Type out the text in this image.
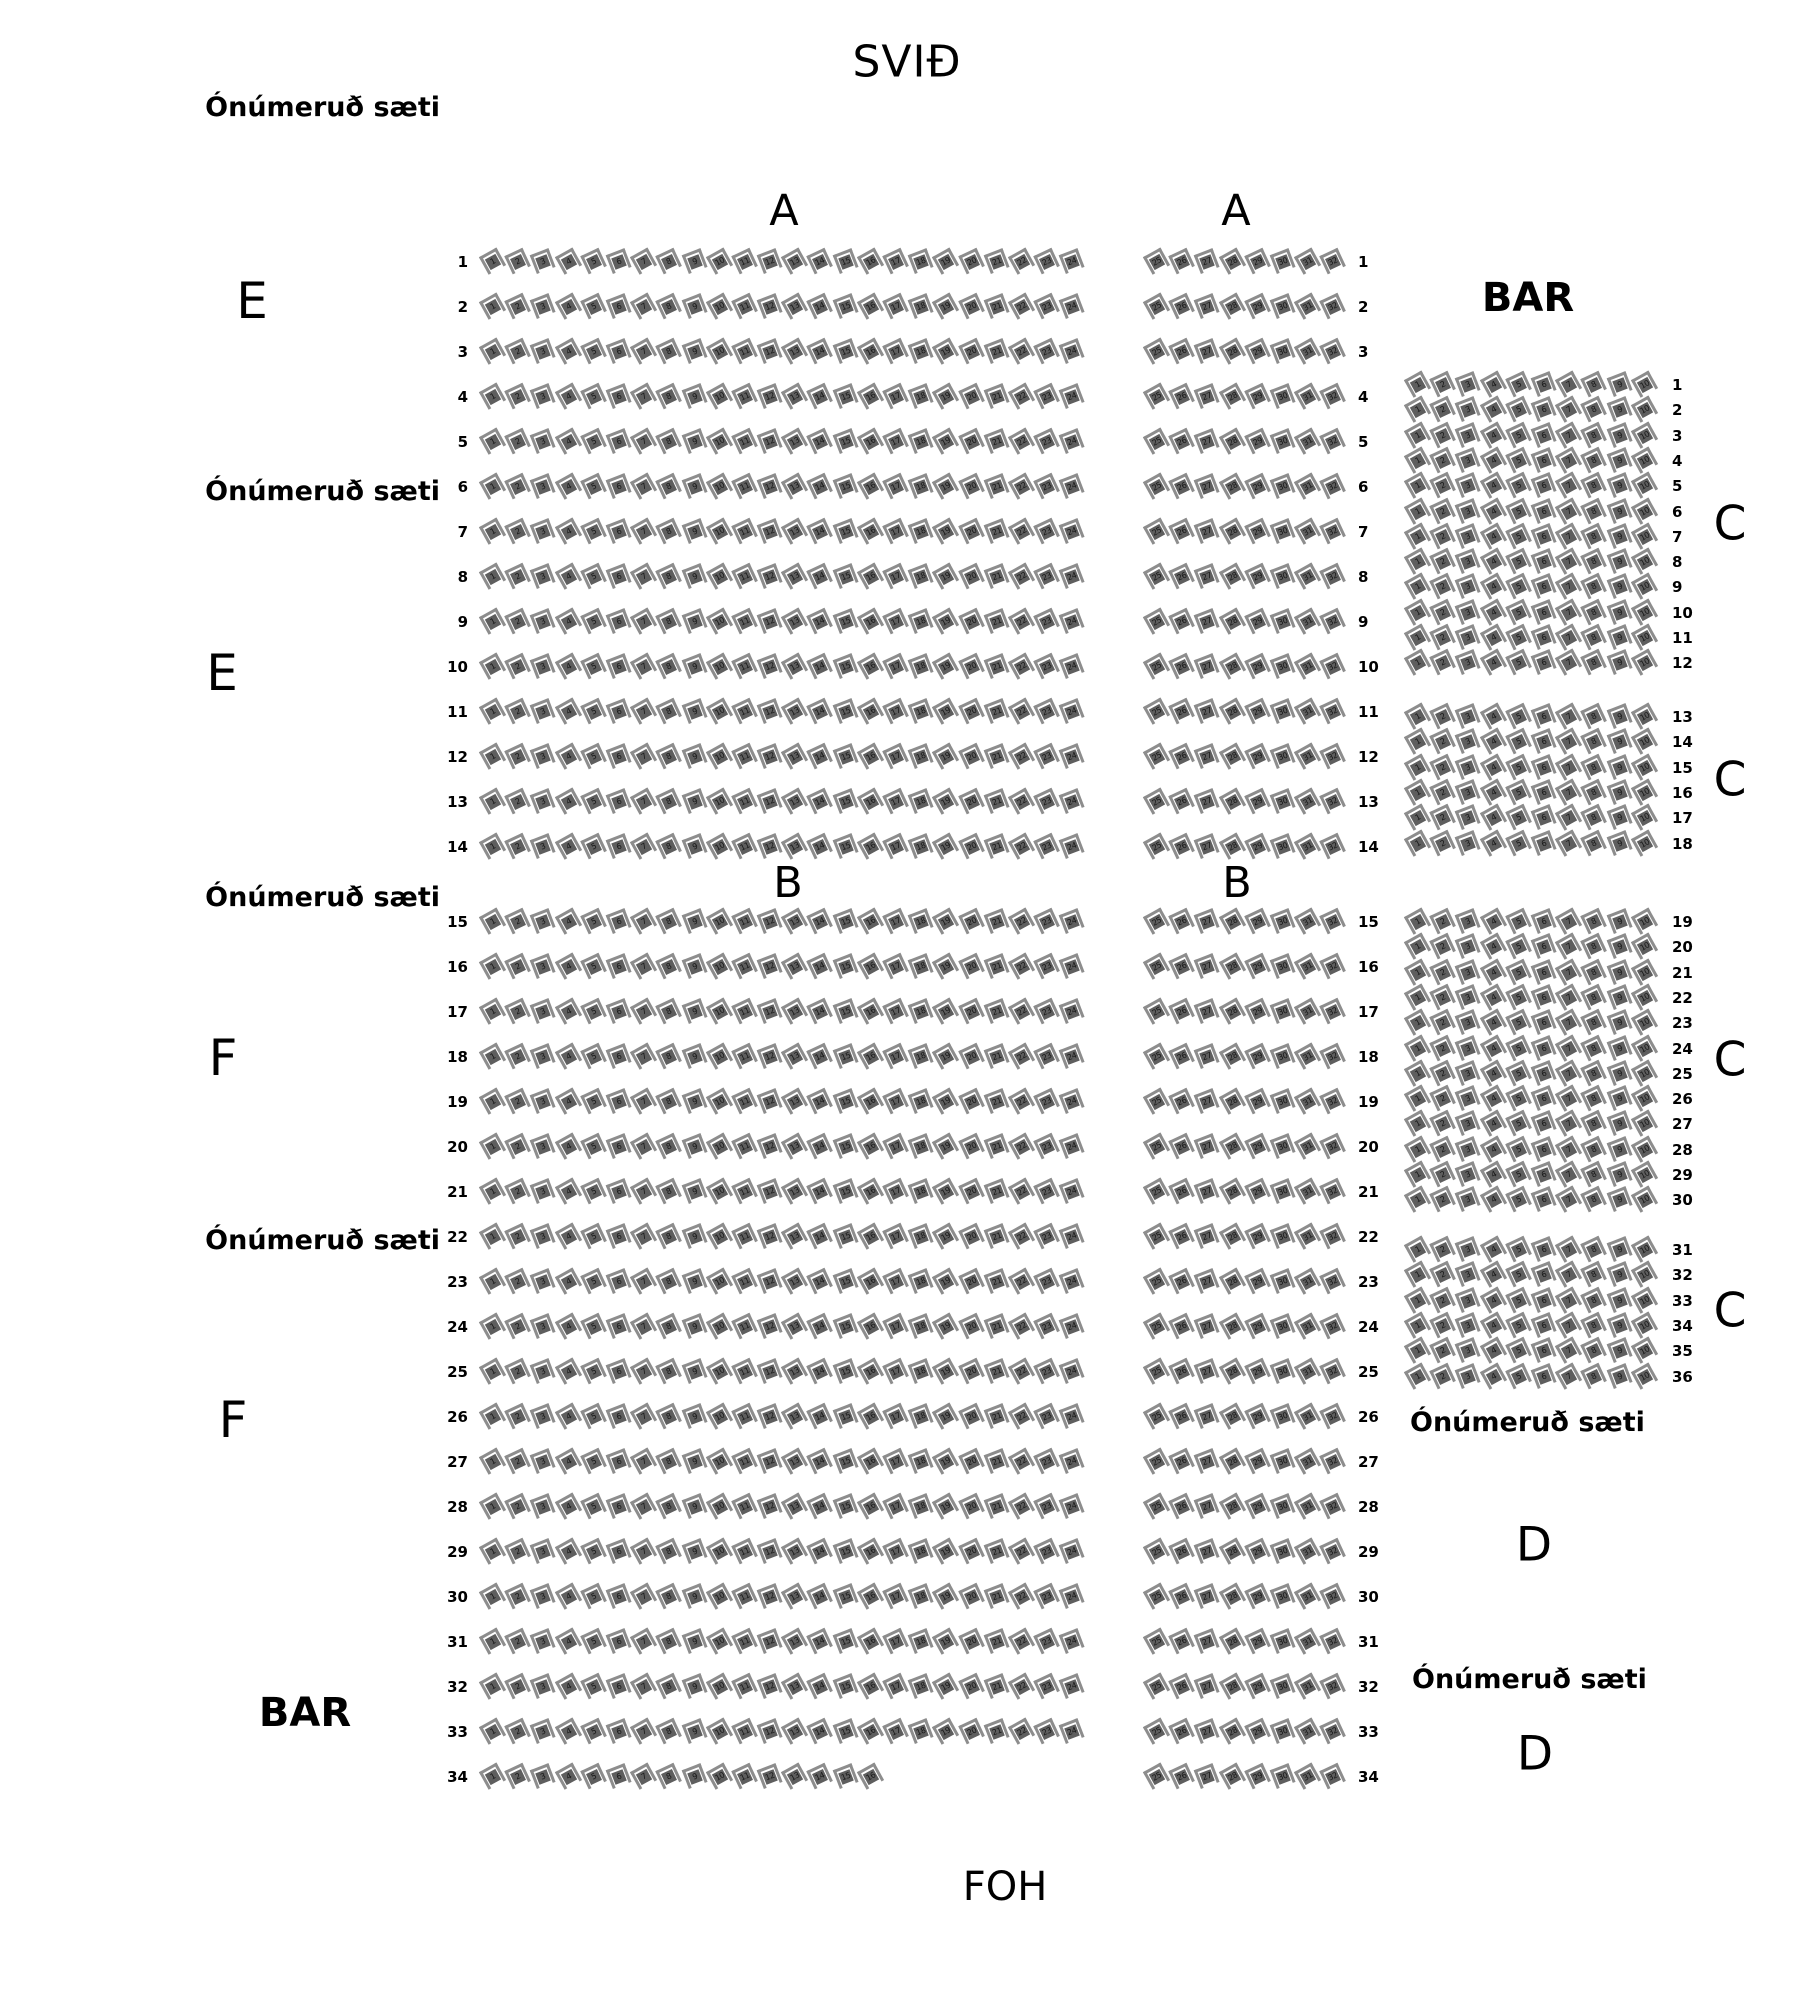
SVIÐ
FOH
A	A
B	B
C
C
C
C
D
D
E
E
F
F
BAR
BAR
Ónúmeruð sæti
Ónúmeruð sæti
Ónúmeruð sæti
Ónúmeruð sæti
Ónúmeruð sæti
Ónúmeruð sæti
1	1	2	3	4	5	6	7	8	9	10 11 12 13 14 15 16 17 18 19 20 21 22 23 24	25 26 27 28 29 30 31 32 1
2	1	2	3	4	5	6	7	8	9	10 11 12 13 14 15 16 17 18 19 20 21 22 23 24	25 26 27 28 29 30 31 32 2
3	1	2	3	4	5	6	7	8	9	10 11 12 13 14 15 16 17 18 19 20 21 22 23 24	25 26 27 28 29 30 31 32 3
4	1	2	3	4	5	6	7	8	9	10 11 12 13 14 15 16 17 18 19 20 21 22 23 24	25 26 27 28 29 30 31 32 4
5	1	2	3	4	5	6	7	8	9	10 11 12 13 14 15 16 17 18 19 20 21 22 23 24	25 26 27 28 29 30 31 32 5
6	1	2	3	4	5	6	7	8	9	10 11 12 13 14 15 16 17 18 19 20 21 22 23 24	25 26 27 28 29 30 31 32 6
7	1	2	3	4	5	6	7	8	9	10 11 12 13 14 15 16 17 18 19 20 21 22 23 24	25 26 27 28 29 30 31 32 7
8	1	2	3	4	5	6	7	8	9	10 11 12 13 14 15 16 17 18 19 20 21 22 23 24	25 26 27 28 29 30 31 32 8
9	1	2	3	4	5	6	7	8	9	10 11 12 13 14 15 16 17 18 19 20 21 22 23 24	25 26 27 28 29 30 31 32 9
10	1	2	3	4	5	6	7	8	9	10 11 12 13 14 15 16 17 18 19 20 21 22 23 24	25 26 27 28 29 30 31 32 10
11	1	2	3	4	5	6	7	8	9	10 11 12 13 14 15 16 17 18 19 20 21 22 23 24	25 26 27 28 29 30 31 32 11
12	1	2	3	4	5	6	7	8	9	10 11 12 13 14 15 16 17 18 19 20 21 22 23 24	25 26 27 28 29 30 31 32 12
13	1	2	3	4	5	6	7	8	9	10 11 12 13 14 15 16 17 18 19 20 21 22 23 24	25 26 27 28 29 30 31 32 13
14	1	2	3	4	5	6	7	8	9	10 11 12 13 14 15 16 17 18 19 20 21 22 23 24	25 26 27 28 29 30 31 32 14
15	1	2	3	4	5	6	7	8	9	10 11 12 13 14 15 16 17 18 19 20 21 22 23 24	25 26 27 28 29 30 31 32 15
16	1	2	3	4	5	6	7	8	9	10 11 12 13 14 15 16 17 18 19 20 21 22 23 24	25 26 27 28 29 30 31 32 16
17	1	2	3	4	5	6	7	8	9	10 11 12 13 14 15 16 17 18 19 20 21 22 23 24	25 26 27 28 29 30 31 32 17
18	1	2	3	4	5	6	7	8	9	10 11 12 13 14 15 16 17 18 19 20 21 22 23 24	25 26 27 28 29 30 31 32 18
19	1	2	3	4	5	6	7	8	9	10 11 12 13 14 15 16 17 18 19 20 21 22 23 24	25 26 27 28 29 30 31 32 19
20	1	2	3	4	5	6	7	8	9	10 11 12 13 14 15 16 17 18 19 20 21 22 23 24	25 26 27 28 29 30 31 32 20
21	1	2	3	4	5	6	7	8	9	10 11 12 13 14 15 16 17 18 19 20 21 22 23 24	25 26 27 28 29 30 31 32 21
22	1	2	3	4	5	6	7	8	9	10 11 12 13 14 15 16 17 18 19 20 21 22 23 24	25 26 27 28 29 30 31 32 22
23	1	2	3	4	5	6	7	8	9	10 11 12 13 14 15 16 17 18 19 20 21 22 23 24	25 26 27 28 29 30 31 32 23
24	1	2	3	4	5	6	7	8	9	10 11 12 13 14 15 16 17 18 19 20 21 22 23 24	25 26 27 28 29 30 31 32 24
25	1	2	3	4	5	6	7	8	9	10 11 12 13 14 15 16 17 18 19 20 21 22 23 24	25 26 27 28 29 30 31 32 25
26	1	2	3	4	5	6	7	8	9	10 11 12 13 14 15 16 17 18 19 20 21 22 23 24	25 26 27 28 29 30 31 32 26
27	1	2	3	4	5	6	7	8	9	10 11 12 13 14 15 16 17 18 19 20 21 22 23 24	25 26 27 28 29 30 31 32 27
28	1	2	3	4	5	6	7	8	9	10 11 12 13 14 15 16 17 18 19 20 21 22 23 24	25 26 27 28 29 30 31 32 28
29	1	2	3	4	5	6	7	8	9	10 11 12 13 14 15 16 17 18 19 20 21 22 23 24	25 26 27 28 29 30 31 32 29
30	1	2	3	4	5	6	7	8	9	10 11 12 13 14 15 16 17 18 19 20 21 22 23 24	25 26 27 28 29 30 31 32 30
31	1	2	3	4	5	6	7	8	9	10 11 12 13 14 15 16 17 18 19 20 21 22 23 24	25 26 27 28 29 30 31 32 31
32	1	2	3	4	5	6	7	8	9	10 11 12 13 14 15 16 17 18 19 20 21 22 23 24	25 26 27 28 29 30 31 32 32
33	1	2	3	4	5	6	7	8	9	10 11 12 13 14 15 16 17 18 19 20 21 22 23 24	25 26 27 28 29 30 31 32 33
34	1	2	3	4	5	6	7	8	9	10 11 12 13 14 15 16	25 26 27 28 29 30 31 32 34
1	2	3	4	5	6	7	8	9	10 1
1	2	3	4	5	6	7	8	9	10 2
1	2	3	4	5	6	7	8	9	10 3
1	2	3	4	5	6	7	8	9	10 4
1	2	3	4	5	6	7	8	9	10 5
1	2	3	4	5	6	7	8	9	10 6
1	2	3	4	5	6	7	8	9	10 7
1	2	3	4	5	6	7	8	9	10 8
1	2	3	4	5	6	7	8	9	10 9
1	2	3	4	5	6	7	8	9	10 10
1	2	3	4	5	6	7	8	9	10 11
1	2	3	4	5	6	7	8	9	10 12
1	2	3	4	5	6	7	8	9	10 13
1	2	3	4	5	6	7	8	9	10 14
1	2	3	4	5	6	7	8	9	10 15
1	2	3	4	5	6	7	8	9	10 16
1	2	3	4	5	6	7	8	9	10 17
1	2	3	4	5	6	7	8	9	10 18
1	2	3	4	5	6	7	8	9	10 19
1	2	3	4	5	6	7	8	9	10 20
1	2	3	4	5	6	7	8	9	10 21
1	2	3	4	5	6	7	8	9	10 22
1	2	3	4	5	6	7	8	9	10 23
1	2	3	4	5	6	7	8	9	10 24
1	2	3	4	5	6	7	8	9	10 25
1	2	3	4	5	6	7	8	9	10 26
1	2	3	4	5	6	7	8	9	10 27
1	2	3	4	5	6	7	8	9	10 28
1	2	3	4	5	6	7	8	9	10 29
1	2	3	4	5	6	7	8	9	10 30
1	2	3	4	5	6	7	8	9	10 31
1	2	3	4	5	6	7	8	9	10 32
1	2	3	4	5	6	7	8	9	10 33
1	2	3	4	5	6	7	8	9	10 34
1	2	3	4	5	6	7	8	9	10 35
1	2	3	4	5	6	7	8	9	10 36
